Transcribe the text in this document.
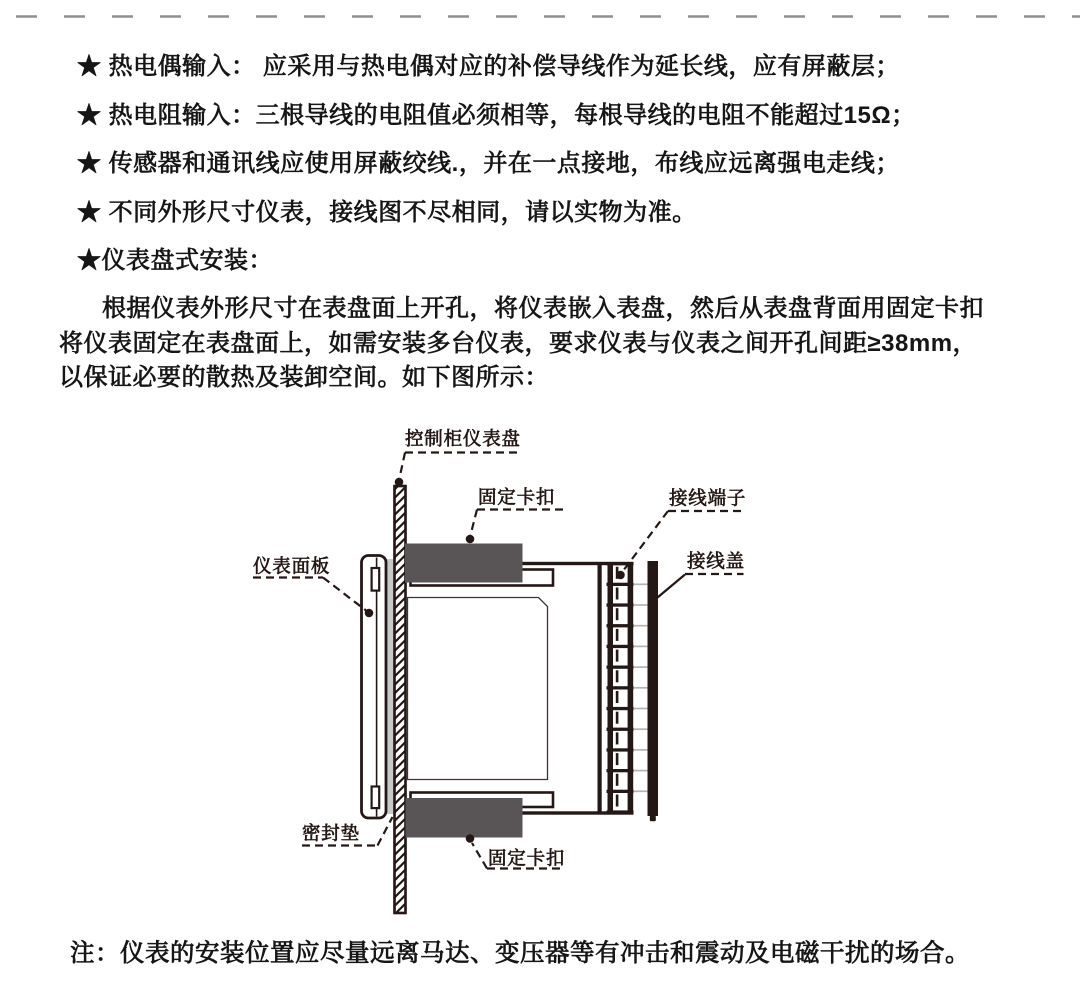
★ 热电偶输入： 应采用与热电偶对应的补偿导线作为延长线，应有屏蔽层；
★ 热电阻输入：三根导线的电阻值必须相等，每根导线的电阻不能超过15Ω；
★ 传感器和通讯线应使用屏蔽绞线.，并在一点接地，布线应远离强电走线；
★ 不同外形尺寸仪表，接线图不尽相同，请以实物为准。
★仪表盘式安装：
根据仪表外形尺寸在表盘面上开孔，将仪表嵌入表盘，然后从表盘背面用固定卡扣
将仪表固定在表盘面上，如需安装多台仪表，要求仪表与仪表之间开孔间距≥38mm，
以保证必要的散热及装卸空间。如下图所示：
注：仪表的安装位置应尽量远离马达、变压器等有冲击和震动及电磁干扰的场合。
控制柜仪表盘
固定卡扣	接线端子
接线盖
仪表面板
密封垫
固定卡扣
